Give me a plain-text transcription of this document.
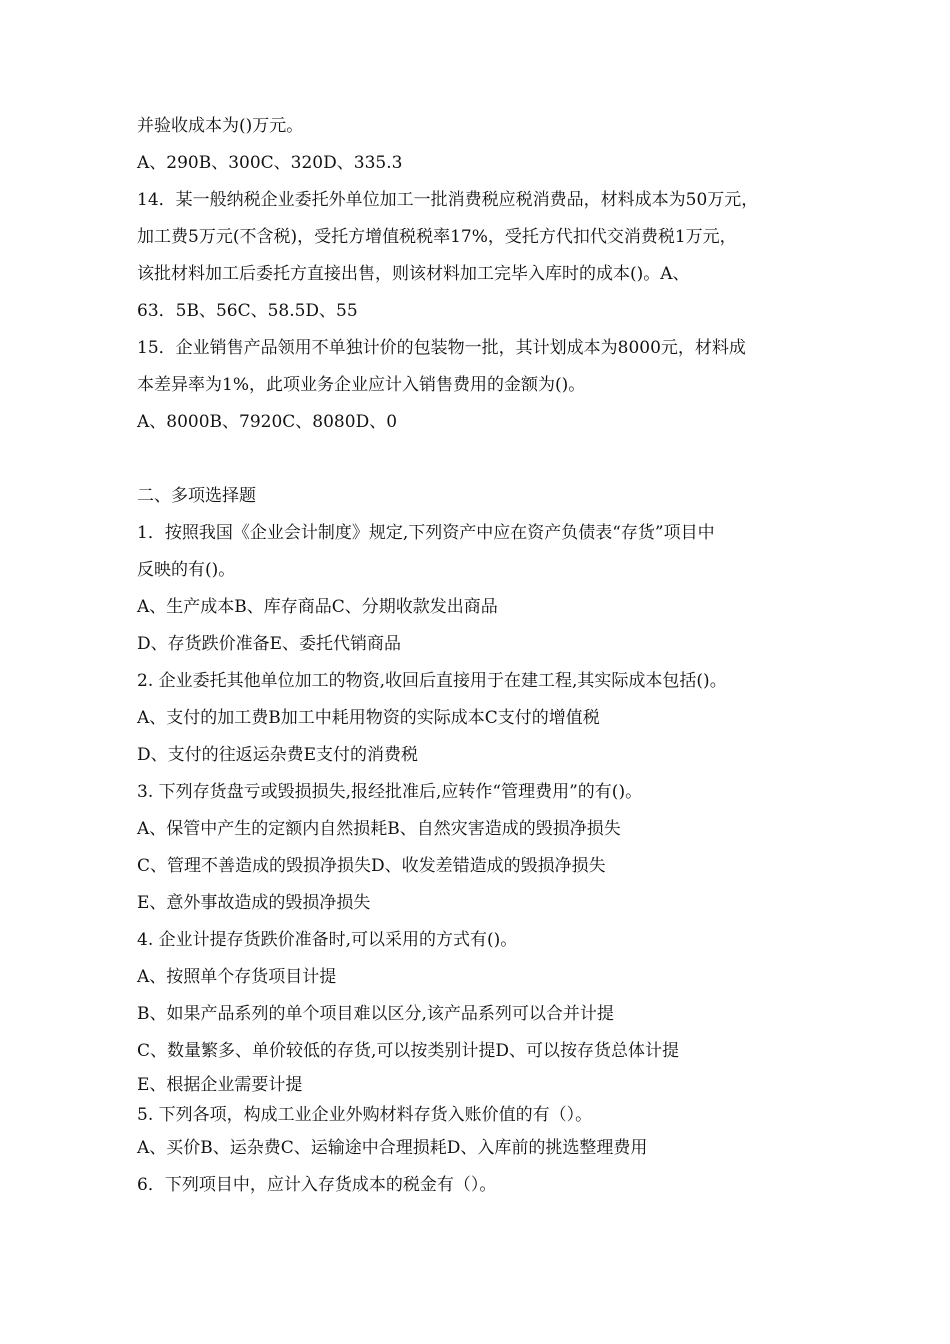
并验收成本为()万元。
A、290B、300C、320D、335.3
14．某一般纳税企业委托外单位加工一批消费税应税消费品，材料成本为50万元，
加工费5万元(不含税)，受托方增值税税率17%，受托方代扣代交消费税1万元，
该批材料加工后委托方直接出售，则该材料加工完毕入库时的成本()。A、
63．5B、56C、58.5D、55
15．企业销售产品领用不单独计价的包装物一批，其计划成本为8000元，材料成
本差异率为1%，此项业务企业应计入销售费用的金额为()。
A、8000B、7920C、8080D、0
二、多项选择题
1．按照我国《企业会计制度》规定,下列资产中应在资产负债表“存货”项目中
反映的有()。
A、生产成本B、库存商品C、分期收款发出商品
D、存货跌价准备E、委托代销商品
2. 企业委托其他单位加工的物资,收回后直接用于在建工程,其实际成本包括()。
A、支付的加工费B加工中耗用物资的实际成本C支付的增值税
D、支付的往返运杂费E支付的消费税
3. 下列存货盘亏或毁损损失,报经批准后,应转作“管理费用”的有()。
A、保管中产生的定额内自然损耗B、自然灾害造成的毁损净损失
C、管理不善造成的毁损净损失D、收发差错造成的毁损净损失
E、意外事故造成的毁损净损失
4. 企业计提存货跌价准备时,可以采用的方式有()。
A、按照单个存货项目计提
B、如果产品系列的单个项目难以区分,该产品系列可以合并计提
C、数量繁多、单价较低的存货,可以按类别计提D、可以按存货总体计提
E、根据企业需要计提
5. 下列各项，构成工业企业外购材料存货入账价值的有（）。
A、买价B、运杂费C、运输途中合理损耗D、入库前的挑选整理费用
6．下列项目中，应计入存货成本的税金有（）。
